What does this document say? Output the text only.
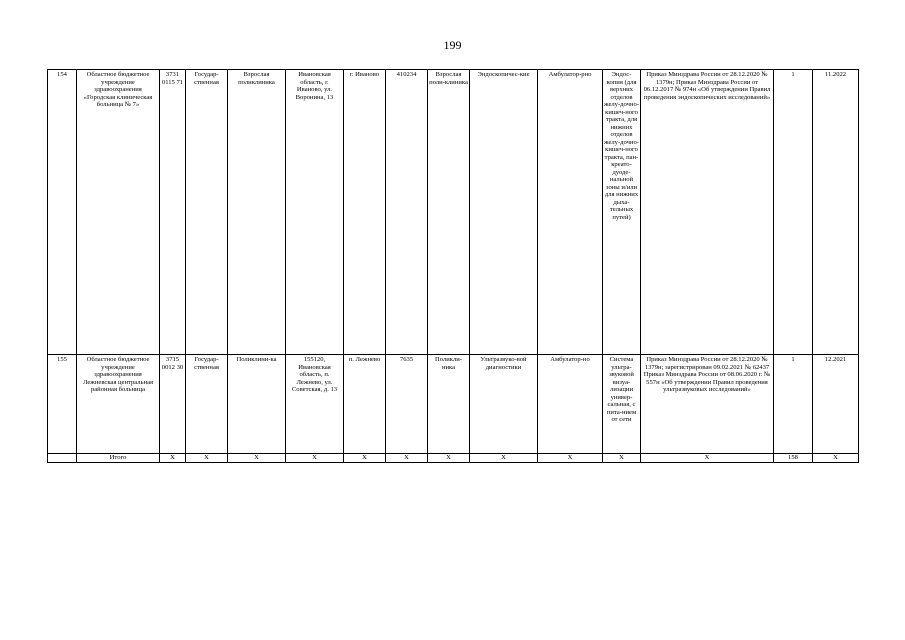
199
154	Областное бюджетное учреждение здравоохранения «Городская клиническая больница № 7»	3731 0115 71	Государ-ственная	Взрослая поликлиника	Ивановская область, г. Иваново, ул. Воронина, 13	г. Иваново	410234	Взрослая поли-клиника	Эндоскопичес-кие	Амбулатор-рно	Эндос-копия (для верхних отделов желу-дочно-кишеч-ного тракта, для нижних отделов желу-дочно-кишеч-ного тракта, пан-креато-дуоде-нальной зоны и/или для нижних дыха-тельных путей)	Приказ Минздрава России от 28.12.2020 № 1379н; Приказ Минздрава России от 06.12.2017 № 974н «Об утверждении Правил проведения эндоскопических исследований»	1	11.2022
155	Областное бюджетное учреждение здравоохранения Лежневская центральная районная больница	3715 0012 30	Государ-ственная	Поликлини-ка	155120, Ивановская область, п. Лежнево, ул. Советская, д. 13	п. Лежнево	7635	Поликли-ника	Ультразвуко-вой диагностики	Амбулатор-но	Система ультра-звуковой визуа-лизации универ-сальная, с пита-нием от сети	Приказ Минздрава России от 28.12.2020 № 1379н; зарегистрирован 09.02.2021 № 62437 Приказ Минздрава России от 08.06.2020 г. № 557н «Об утверждении Правил проведения ультразвуковых исследований»	1	12.2021
	Итого	X	X	X	X	X	X	X	X	X	X	X	158	X
